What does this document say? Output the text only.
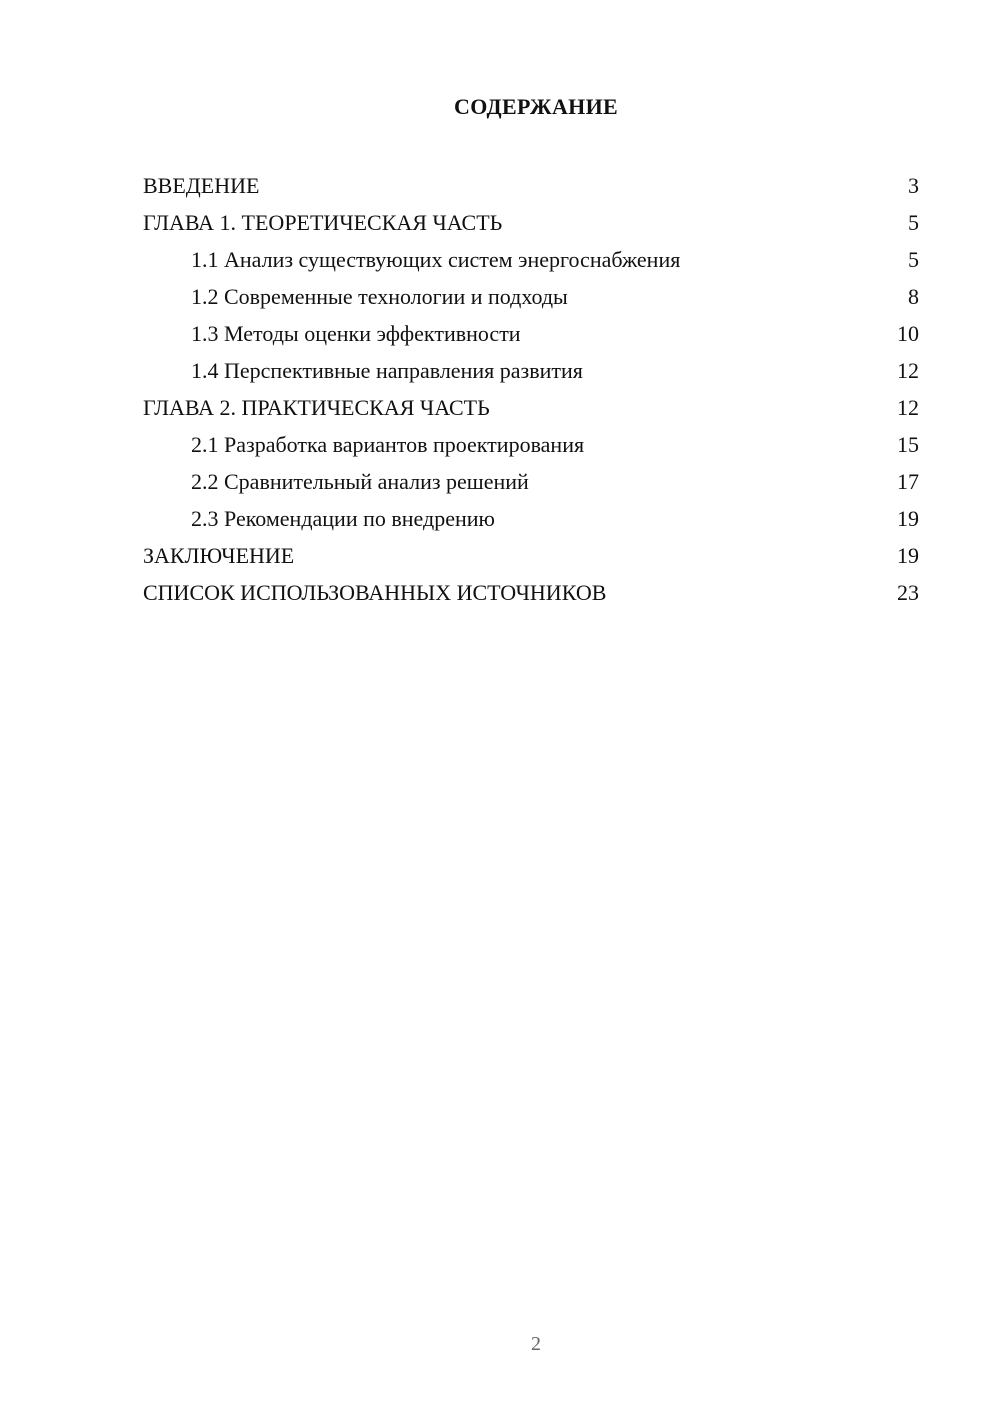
СОДЕРЖАНИЕ
ВВЕДЕНИЕ	3
ГЛАВА 1. ТЕОРЕТИЧЕСКАЯ ЧАСТЬ	5
1.1 Анализ существующих систем энергоснабжения	5
1.2 Современные технологии и подходы	8
1.3 Методы оценки эффективности	10
1.4 Перспективные направления развития	12
ГЛАВА 2. ПРАКТИЧЕСКАЯ ЧАСТЬ	12
2.1 Разработка вариантов проектирования	15
2.2 Сравнительный анализ решений	17
2.3 Рекомендации по внедрению	19
ЗАКЛЮЧЕНИЕ	19
СПИСОК ИСПОЛЬЗОВАННЫХ ИСТОЧНИКОВ	23
2
